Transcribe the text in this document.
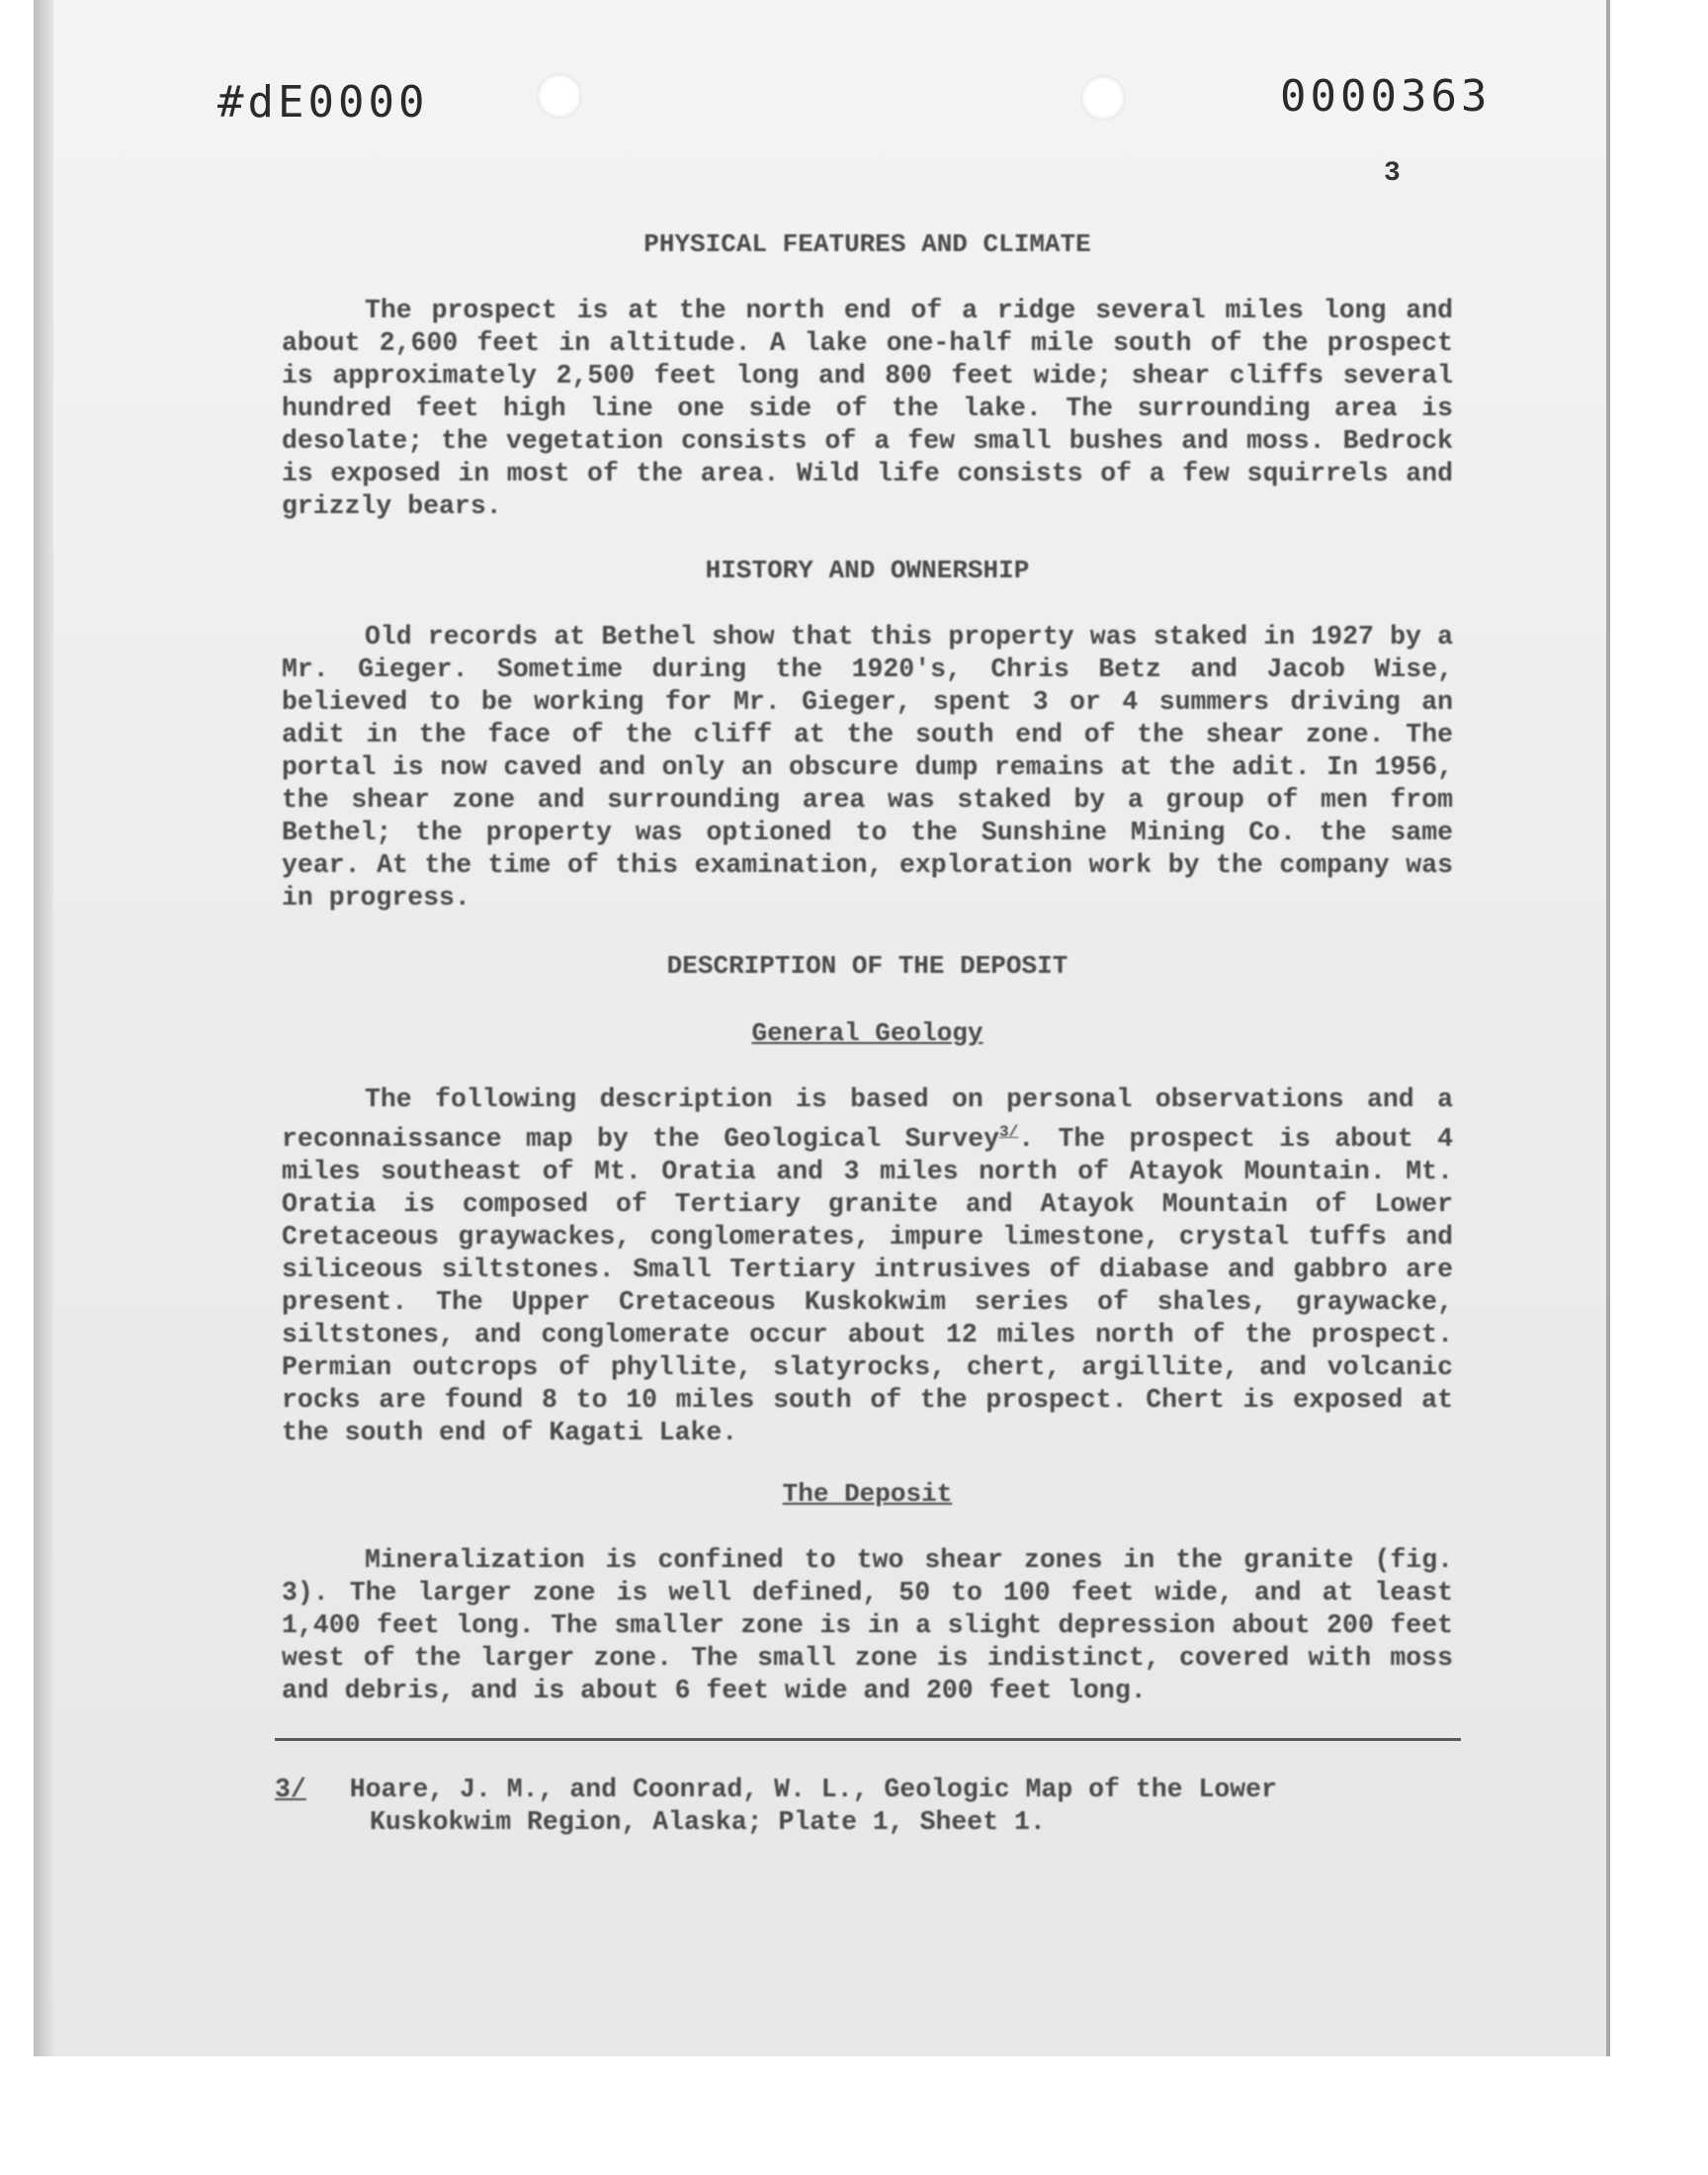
#dE0000	0000363
3
PHYSICAL FEATURES AND CLIMATE
The prospect is at the north end of a ridge several miles long and about 2,600 feet in altitude. A lake one-half mile south of the prospect is approximately 2,500 feet long and 800 feet wide; shear cliffs several hundred feet high line one side of the lake. The surrounding area is desolate; the vegetation consists of a few small bushes and moss. Bedrock is exposed in most of the area. Wild life consists of a few squirrels and grizzly bears.
HISTORY AND OWNERSHIP
Old records at Bethel show that this property was staked in 1927 by a Mr. Gieger. Sometime during the 1920's, Chris Betz and Jacob Wise, believed to be working for Mr. Gieger, spent 3 or 4 summers driving an adit in the face of the cliff at the south end of the shear zone. The portal is now caved and only an obscure dump remains at the adit. In 1956, the shear zone and surrounding area was staked by a group of men from Bethel; the property was optioned to the Sunshine Mining Co. the same year. At the time of this examination, exploration work by the company was in progress.
DESCRIPTION OF THE DEPOSIT
General Geology
The following description is based on personal observations and a reconnaissance map by the Geological Survey$^{3/}$. The prospect is about 4 miles southeast of Mt. Oratia and 3 miles north of Atayok Mountain. Mt. Oratia is composed of Tertiary granite and Atayok Mountain of Lower Cretaceous graywackes, conglomerates, impure limestone, crystal tuffs and siliceous siltstones. Small Tertiary intrusives of diabase and gabbro are present. The Upper Cretaceous Kuskokwim series of shales, graywacke, siltstones, and conglomerate occur about 12 miles north of the prospect. Permian outcrops of phyllite, slatyrocks, chert, argillite, and volcanic rocks are found 8 to 10 miles south of the prospect. Chert is exposed at the south end of Kagati Lake.
The Deposit
Mineralization is confined to two shear zones in the granite (fig. 3). The larger zone is well defined, 50 to 100 feet wide, and at least 1,400 feet long. The smaller zone is in a slight depression about 200 feet west of the larger zone. The small zone is indistinct, covered with moss and debris, and is about 6 feet wide and 200 feet long.
3/ Hoare, J. M., and Coonrad, W. L., Geologic Map of the Lower
Kuskokwim Region, Alaska; Plate 1, Sheet 1.
